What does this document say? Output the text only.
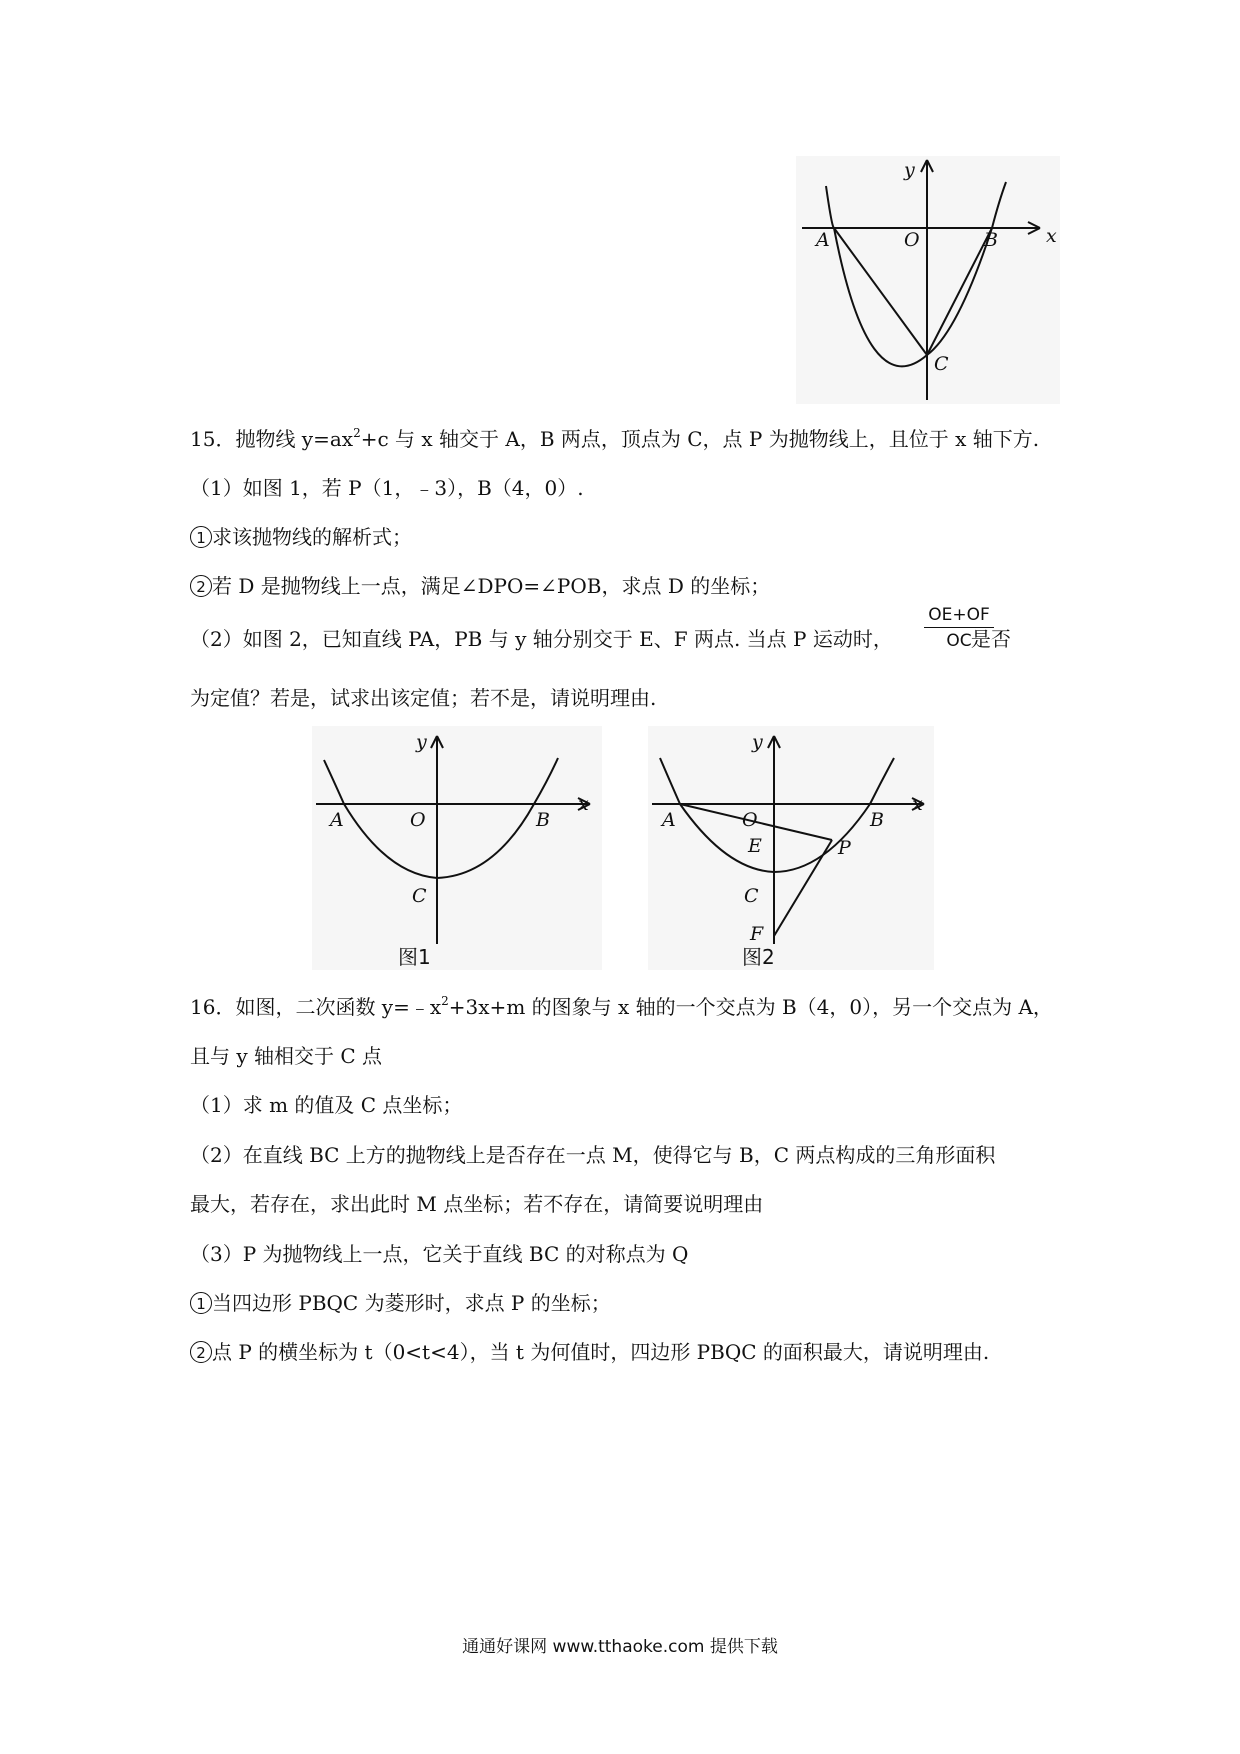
y
x
A	O	B
C
15．抛物线 $y=ax^2+c$ 与 x 轴交于 A，B 两点，顶点为 C，点 P 为抛物线上，且位于 x 轴下方.
（1）如图 1，若 P（1，﹣3），B（4，0）.
1 求该抛物线的解析式；
2 若 D 是抛物线上一点，满足∠DPO=∠POB，求点 D 的坐标；
（2）如图 2，已知直线 PA，PB 与 y 轴分别交于 E、F 两点. 当点 P 运动时，	是否
$\frac{OE+OF}{OC}$
为定值？若是，试求出该定值；若不是，请说明理由.
y
x
A	O	B
C
图1
y
x
A	O	B
E	P
C
F
图2
16．如图，二次函数 $y=﹣x^2+3x+m$ 的图象与 x 轴的一个交点为 B（4，0），另一个交点为 A，
且与 y 轴相交于 C 点
（1）求 m 的值及 C 点坐标；
（2）在直线 BC 上方的抛物线上是否存在一点 M，使得它与 B，C 两点构成的三角形面积
最大，若存在，求出此时 M 点坐标；若不存在，请简要说明理由
（3）P 为抛物线上一点，它关于直线 BC 的对称点为 Q
1 当四边形 PBQC 为菱形时，求点 P 的坐标；
2 点 P 的横坐标为 t（0<t<4），当 t 为何值时，四边形 PBQC 的面积最大，请说明理由.
通通好课网 www.tthaoke.com 提供下载
